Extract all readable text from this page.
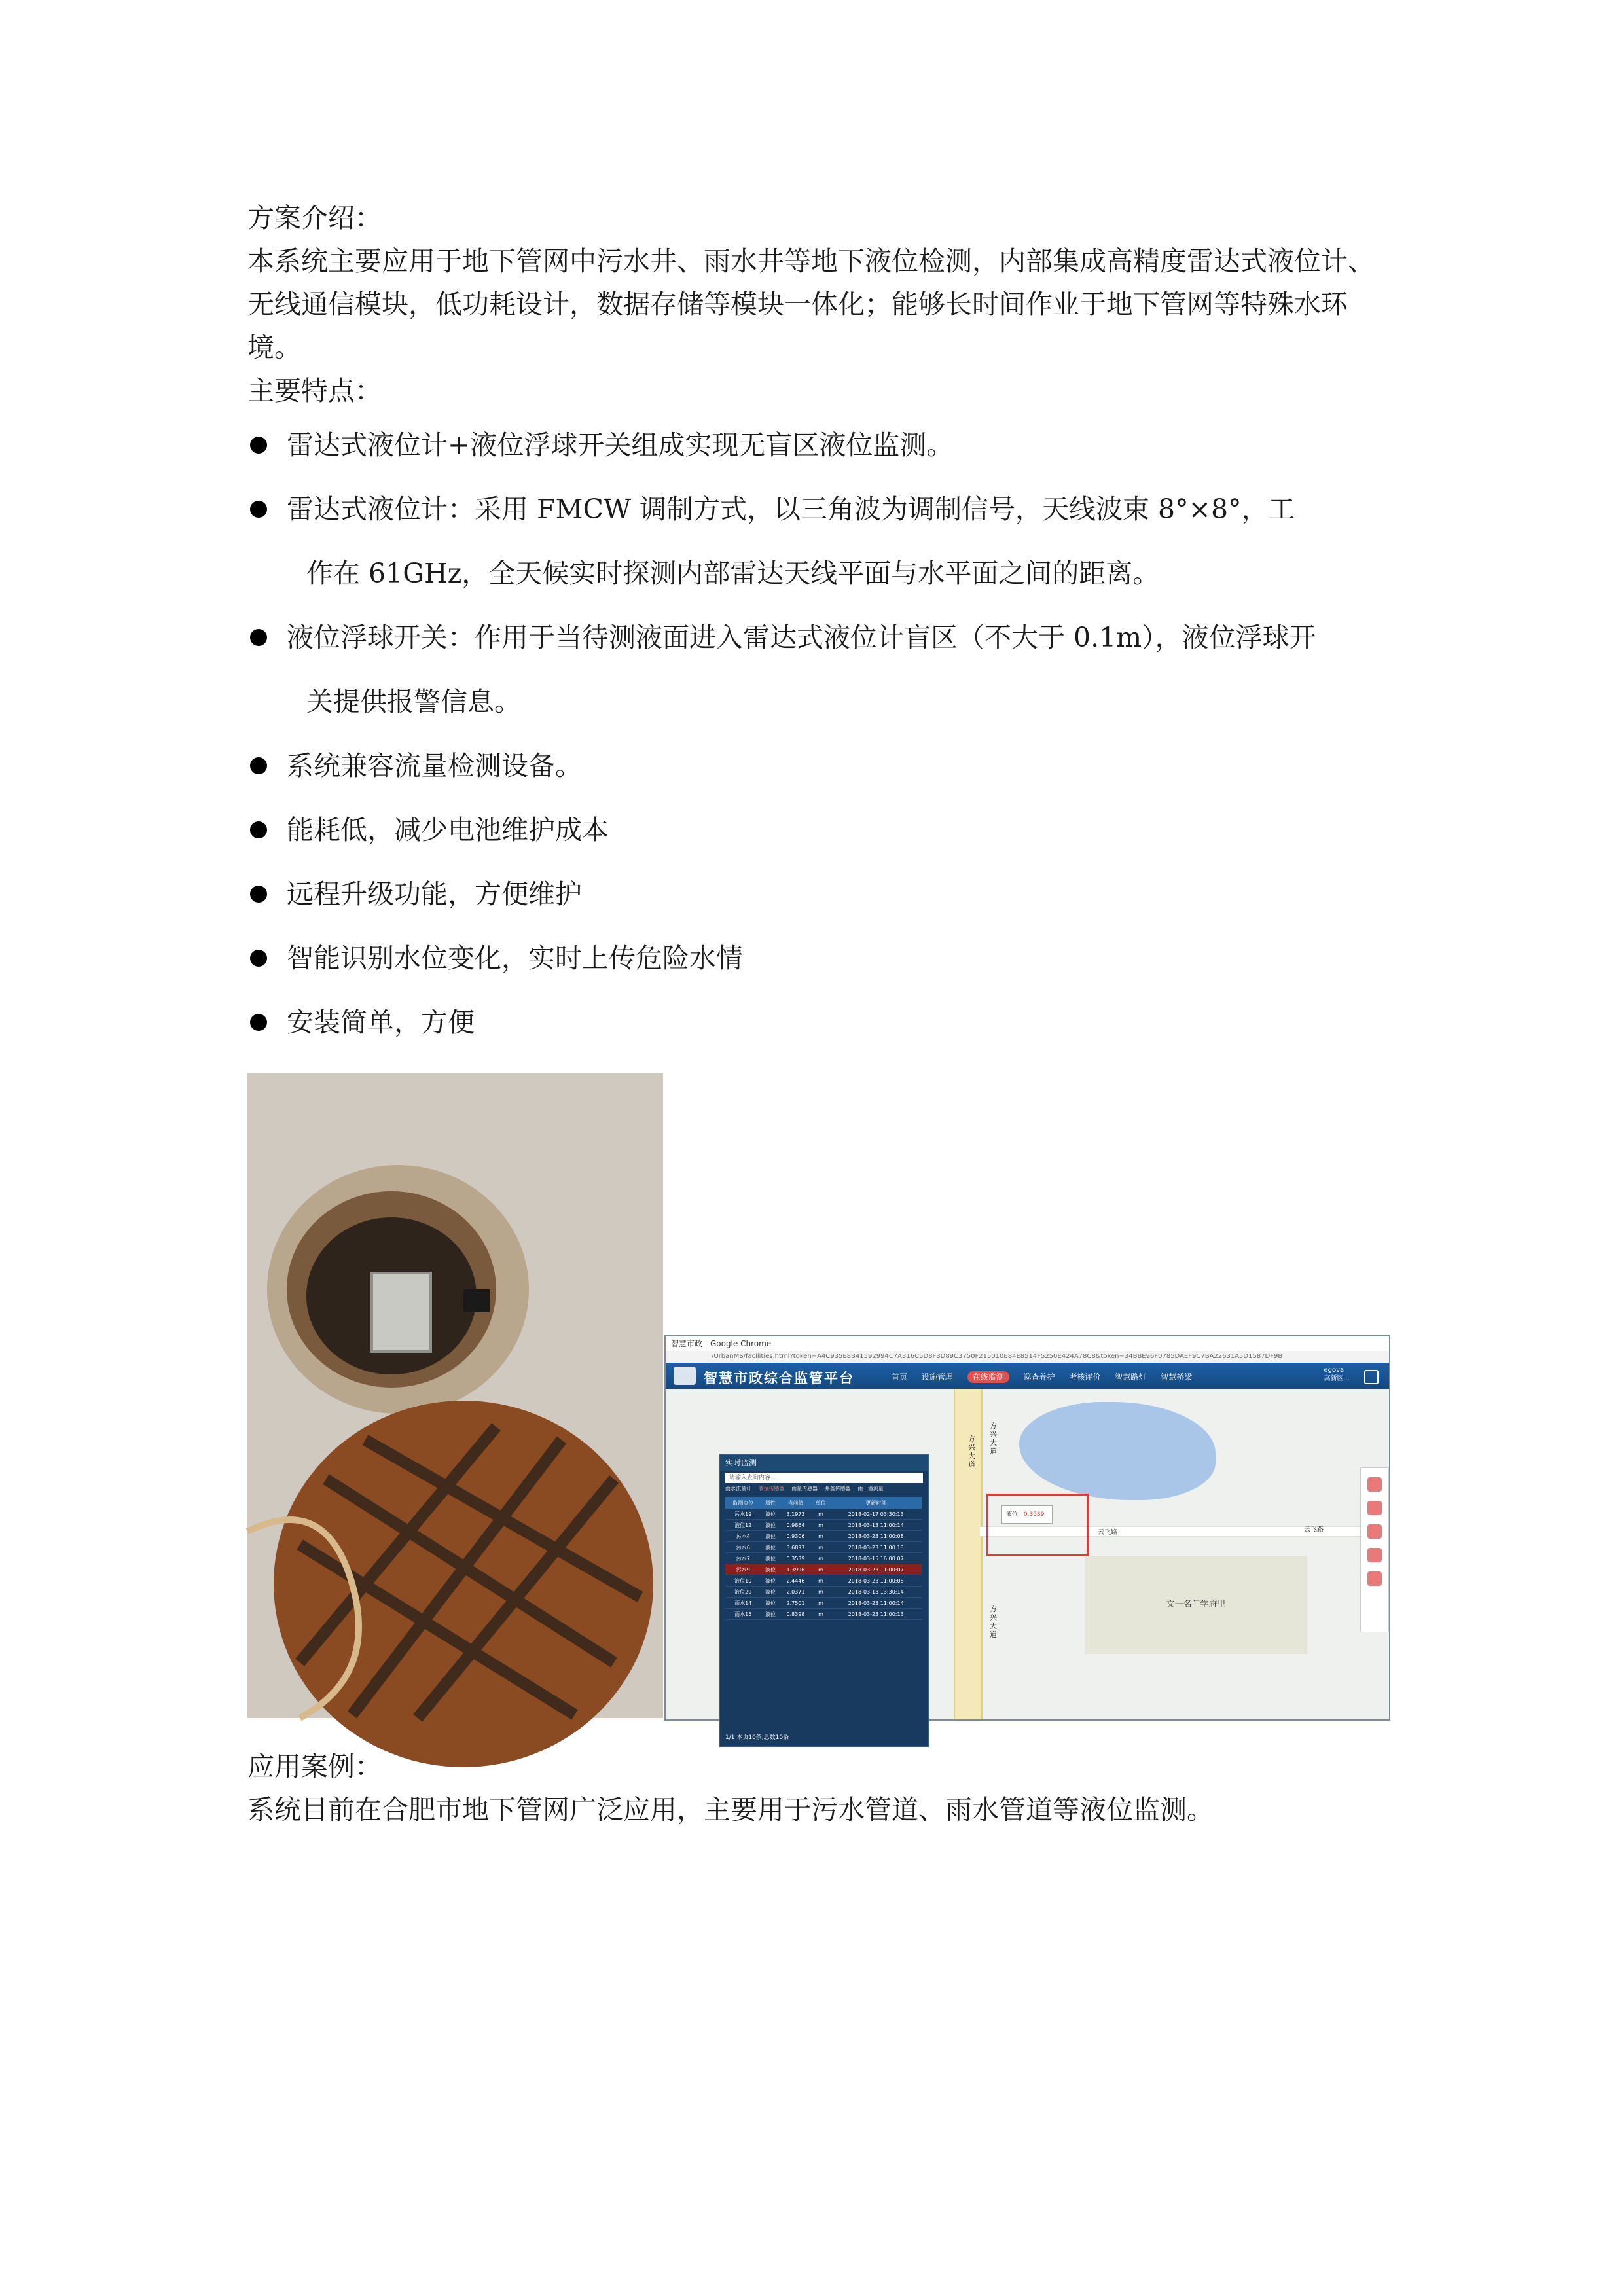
方案介绍：
本系统主要应用于地下管网中污水井、雨水井等地下液位检测，内部集成高精度雷达式液位计、无线通信模块，低功耗设计，数据存储等模块一体化；能够长时间作业于地下管网等特殊水环境。
主要特点：
雷达式液位计+液位浮球开关组成实现无盲区液位监测。
雷达式液位计：采用 FMCW 调制方式，以三角波为调制信号，天线波束 8°×8°，工
作在 61GHz，全天候实时探测内部雷达天线平面与水平面之间的距离。
液位浮球开关：作用于当待测液面进入雷达式液位计盲区（不大于 0.1m），液位浮球开
关提供报警信息。
系统兼容流量检测设备。
能耗低，减少电池维护成本
远程升级功能，方便维护
智能识别水位变化，实时上传危险水情
安装简单，方便
智慧市政 - Google Chrome
/UrbanMS/facilities.html?token=A4C935E8B41592994C7A316C5D8F3D89C3750F215010E84E8514F5250E424A78C8&token=34BBE96F0785DAEF9C7BA22631A5D1587DF9B
智慧市政综合监管平台	首页 设施管理 在线监测 巡查养护 考核评价 智慧路灯 智慧桥梁
egova
高新区...
方兴大道
方兴大道
云飞路	云飞路
方兴大道
文一名门学府里
液位 0.3539
实时监测
请输入查询内容...
雨水流量计 液位传感器 雨量传感器 井盖传感器 雨...溢流量
监测点位	属性	当前值	单位	更新时间
污水19	液位	3.1973	m	2018-02-17 03:30:13
液位12	液位	0.9864	m	2018-03-13 11:00:14
污水4	液位	0.9306	m	2018-03-23 11:00:08
污水6	液位	3.6897	m	2018-03-23 11:00:13
污水7	液位	0.3539	m	2018-03-15 16:00:07
污水9	液位	1.3996	m	2018-03-23 11:00:07
液位10	液位	2.4446	m	2018-03-23 11:00:08
液位29	液位	2.0371	m	2018-03-13 13:30:14
雨水14	液位	2.7501	m	2018-03-23 11:00:14
雨水15	液位	0.8398	m	2018-03-23 11:00:13
1/1 本页10条,总数10条
应用案例：
系统目前在合肥市地下管网广泛应用，主要用于污水管道、雨水管道等液位监测。
